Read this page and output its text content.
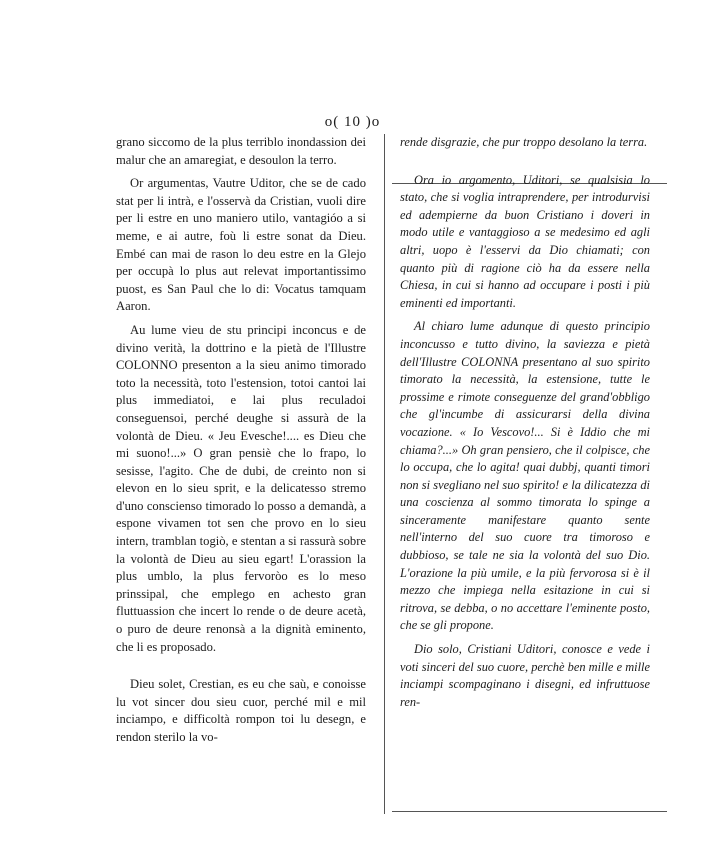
o( 10 )o

grano siccomo de la plus terriblo inondassion dei malur che an amaregiat, e desoulon la terro.

Or argumentas, Vautre Uditor, che se de cado stat per li intrà, e l'osservà da Cristian, vuoli dire per li estre en uno maniero utilo, vantagióo a si meme, e ai autre, foù li estre sonat da Dieu. Embé can mai de rason lo deu estre en la Glejo per occupà lo plus aut relevat importantissimo puost, es San Paul che lo di: Vocatus tamquam Aaron.

Au lume vieu de stu principi inconcus e de divino verità, la dottrino e la pietà de l'Illustre COLONNO presenton a la sieu animo timorado toto la necessità, toto l'estension, totoi cantoi lai plus immediatoi, e lai plus reculadoi conseguensoi, perché deughe si assurà de la volontà de Dieu. « Jeu Evesche!.... es Dieu che mi suono!...» O gran pensiè che lo frapo, lo sesisse, l'agito. Che de dubi, de creinto non si elevon en lo sieu sprit, e la delicatesso stremo d'uno consciensо timorado lo posso a demandà, a espone vivamen tot sen che provo en lo sieu intern, tramblan togiò, e stentan a si rassurà sobre la volontà de Dieu au sieu egart! L'orassion la plus umblo, la plus fervoròo es lo meso prinssipal, che emplego en achesto gran fluttuassion che incert lo rende o de deure acetà, o puro de deure renonsà a la dignità eminento, che li es proposado.

Dieu solet, Crestian, es eu che saù, e conoisse lu vot sincer dou sieu cuor, perché mil e mil inciampo, e difficoltà rompon toi lu desegn, e rendon sterilo la vo-

rende disgrazie, che pur troppo desolano la terra.

Ora io argomento, Uditori, se qualsisia lo stato, che si voglia intraprendere, per introdurvisi ed adempierne da buon Cristiano i doveri in modo utile e vantaggioso a se medesimo ed agli altri, uopo è l'esservi da Dio chiamati; con quanto più di ragione ciò ha da essere nella Chiesa, in cui si hanno ad occupare i posti i più eminenti ed importanti.

Al chiaro lume adunque di questo principio inconcusso e tutto divino, la saviezza e pietà dell'Illustre COLONNA presentano al suo spirito timorato la necessità, la estensione, tutte le prossime e rimote conseguenze del grand'obbligo che gl'incumbe di assicurarsi della divina vocazione. « Io Vescovo!... Si è Iddio che mi chiama?...» Oh gran pensiero, che il colpisce, che lo occupa, che lo agita! quai dubbj, quanti timori non si svegliano nel suo spirito! e la dilicatezza di una coscienza al sommo timorata lo spinge a sinceramente manifestare quanto sente nell'interno del suo cuore tra timoroso e dubbioso, se tale ne sia la volontà del suo Dio. L'orazione la più umile, e la più fervorosa si è il mezzo che impiega nella esitazione in cui si ritrova, se debba, o no accettare l'eminente posto, che se gli propone.

Dio solo, Cristiani Uditori, conosce e vede i voti sinceri del suo cuore, perchè ben mille e mille inciampi scompaginano i disegni, ed infruttuose ren-
